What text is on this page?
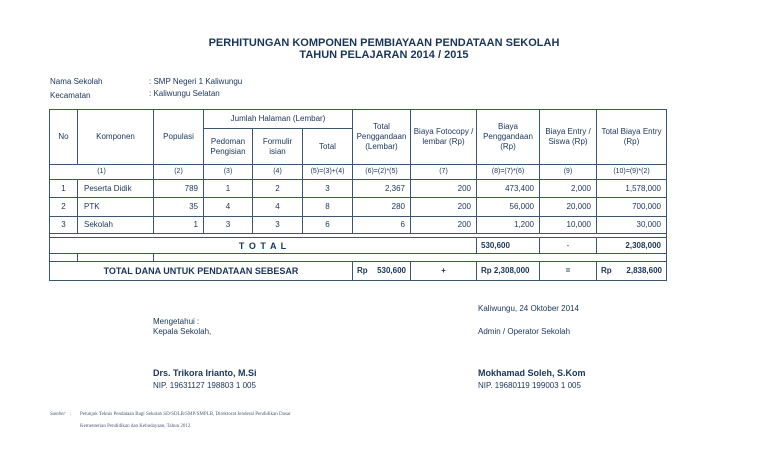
PERHITUNGAN KOMPONEN PEMBIAYAAN PENDATAAN SEKOLAH
TAHUN PELAJARAN 2014 / 2015
Nama Sekolah	: SMP Negeri 1 Kaliwungu
Kecamatan	: Kaliwungu Selatan
No	Komponen	Populasi	Jumlah Halaman (Lembar)			Total Penggandaan (Lembar)	Biaya Fotocopy / lembar (Rp)	Biaya Penggandaan (Rp)	Biaya Entry / Siswa (Rp)	Total Biaya Entry (Rp)
			Pedoman Pengisian	Formulir isian	Total					
(1)		(2)	(3)	(4)	(5)=(3)+(4)	(6)=(2)*(5)	(7)	(8)=(7)*(6)	(9)	(10)=(9)*(2)
1	Peserta Didik	789	1	2	3	2,367	200	473,400	2,000	1,578,000
2	PTK	35	4	4	8	280	200	56,000	20,000	700,000
3	Sekolah	1	3	3	6	6	200	1,200	10,000	30,000

T O T A L								530,600	-	2,308,000

TOTAL DANA UNTUK PENDATAAN SEBESAR						Rp 530,600	+	Rp 2,308,000	=	Rp 2,838,600
Kaliwungu, 24 Oktober 2014
Mengetahui :
Kepala Sekolah,	Admin / Operator Sekolah
Drs. Trikora Irianto, M.Si
NIP. 19631127 198803 1 005
Mokhamad Soleh, S.Kom
NIP. 19680119 199003 1 005
Sumber : Petunjuk Teknis Pendataan Bagi Sekolah SD/SDLB/SMP/SMPLB, Direktorat Jenderal Pendidikan Dasar
Kementerian Pendidikan dan Kebudayaan, Tahun 2012
